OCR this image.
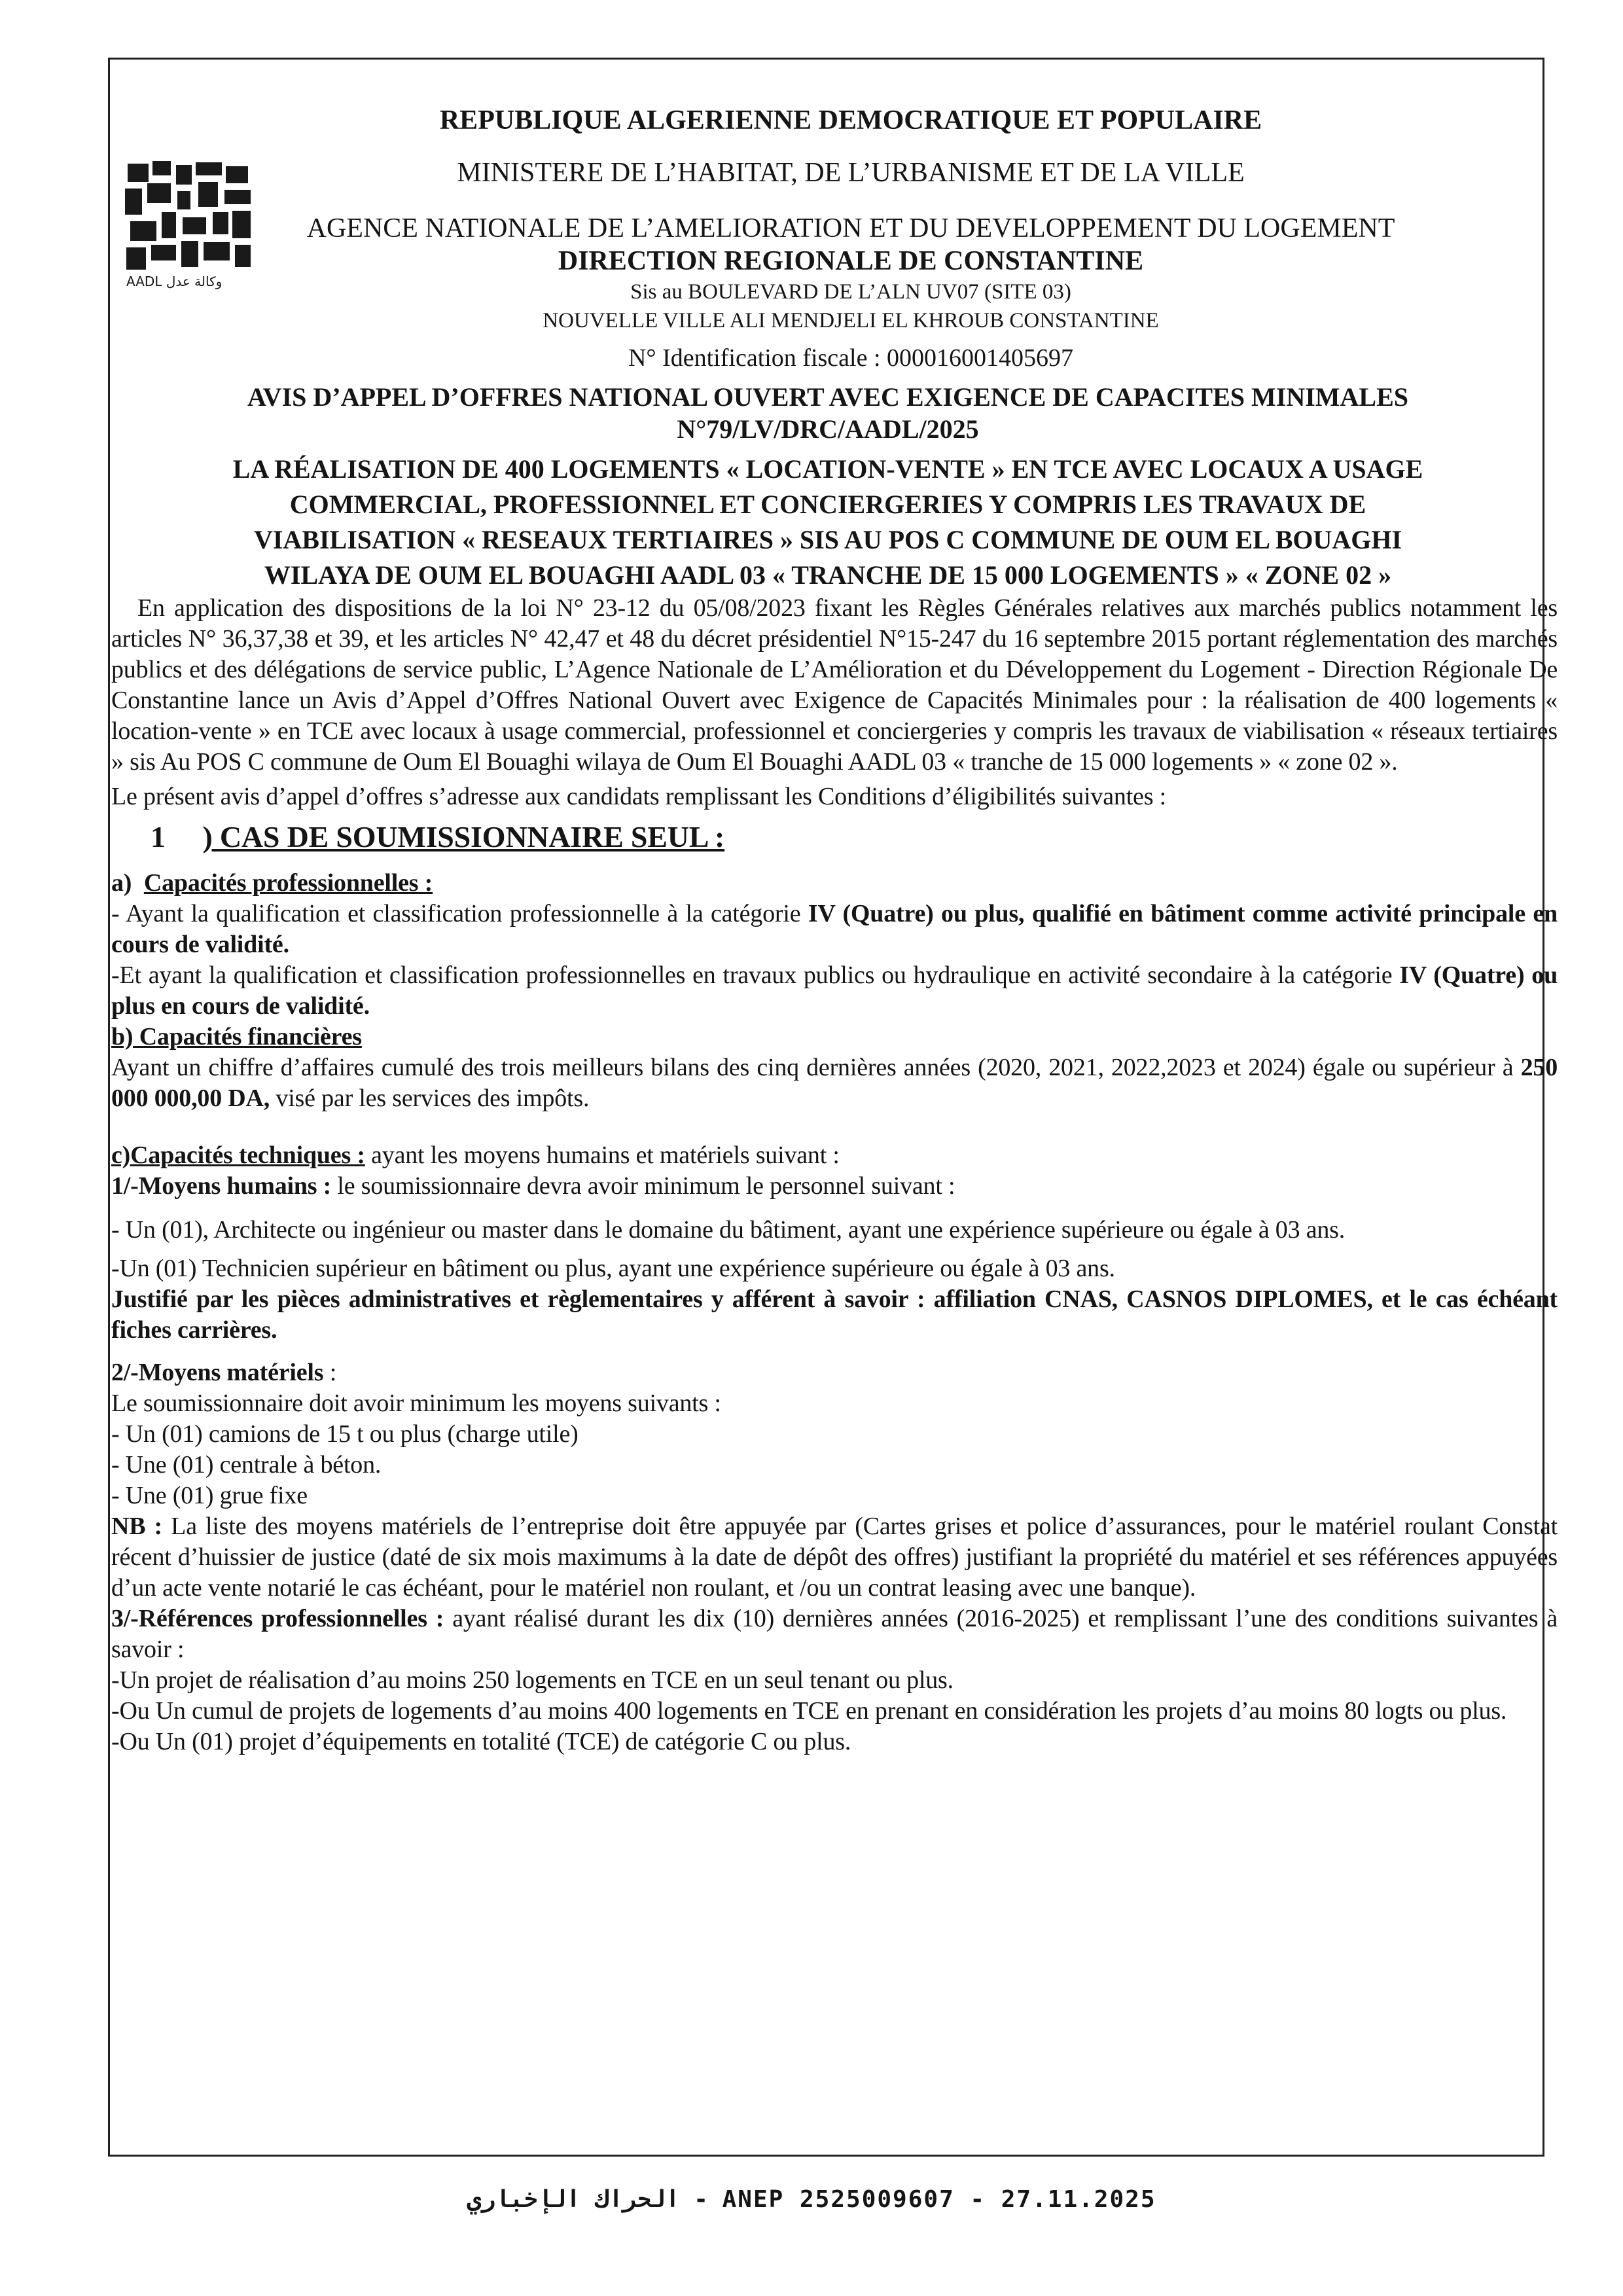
AADL وكالة عدل
REPUBLIQUE ALGERIENNE DEMOCRATIQUE ET POPULAIRE
MINISTERE DE L’HABITAT, DE L’URBANISME ET DE LA VILLE
AGENCE NATIONALE DE L’AMELIORATION ET DU DEVELOPPEMENT DU LOGEMENT
DIRECTION REGIONALE DE CONSTANTINE
Sis au BOULEVARD DE L’ALN UV07 (SITE 03)
NOUVELLE VILLE ALI MENDJELI EL KHROUB CONSTANTINE
N° Identification fiscale : 000016001405697
AVIS D’APPEL D’OFFRES NATIONAL OUVERT AVEC EXIGENCE DE CAPACITES MINIMALES
N°79/LV/DRC/AADL/2025
LA RÉALISATION DE 400 LOGEMENTS « LOCATION-VENTE » EN TCE AVEC LOCAUX A USAGE
COMMERCIAL, PROFESSIONNEL ET CONCIERGERIES Y COMPRIS LES TRAVAUX DE
VIABILISATION « RESEAUX TERTIAIRES » SIS AU POS C COMMUNE DE OUM EL BOUAGHI
WILAYA DE OUM EL BOUAGHI AADL 03 « TRANCHE DE 15 000 LOGEMENTS » « ZONE 02 »

En application des dispositions de la loi N° 23-12 du 05/08/2023 fixant les Règles Générales relatives aux marchés publics notamment les articles N° 36,37,38 et 39, et les articles N° 42,47 et 48 du décret présidentiel N°15-247 du 16 septembre 2015 portant réglementation des marchés publics et des délégations de service public, L’Agence Nationale de L’Amélioration et du Développement du Logement - Direction Régionale De Constantine lance un Avis d’Appel d’Offres National Ouvert avec Exigence de Capacités Minimales pour : la réalisation de 400 logements « location-vente » en TCE avec locaux à usage commercial, professionnel et conciergeries y compris les travaux de viabilisation « réseaux tertiaires » sis Au POS C commune de Oum El Bouaghi wilaya de Oum El Bouaghi AADL 03 « tranche de 15 000 logements » « zone 02 ».

Le présent avis d’appel d’offres s’adresse aux candidats remplissant les Conditions d’éligibilités suivantes :

1 ) CAS DE SOUMISSIONNAIRE SEUL :

a) Capacités professionnelles :

- Ayant la qualification et classification professionnelle à la catégorie IV (Quatre) ou plus, qualifié en bâtiment comme activité principale en cours de validité.

-Et ayant la qualification et classification professionnelles en travaux publics ou hydraulique en activité secondaire à la catégorie IV (Quatre) ou plus en cours de validité.

b) Capacités financières

Ayant un chiffre d’affaires cumulé des trois meilleurs bilans des cinq dernières années (2020, 2021, 2022,2023 et 2024) égale ou supérieur à 250 000 000,00 DA, visé par les services des impôts.

c)Capacités techniques : ayant les moyens humains et matériels suivant :

1/-Moyens humains : le soumissionnaire devra avoir minimum le personnel suivant :

- Un (01), Architecte ou ingénieur ou master dans le domaine du bâtiment, ayant une expérience supérieure ou égale à 03 ans.

-Un (01) Technicien supérieur en bâtiment ou plus, ayant une expérience supérieure ou égale à 03 ans.

Justifié par les pièces administratives et règlementaires y afférent à savoir : affiliation CNAS, CASNOS DIPLOMES, et le cas échéant fiches carrières.

2/-Moyens matériels :

Le soumissionnaire doit avoir minimum les moyens suivants :

- Un (01) camions de 15 t ou plus (charge utile)

- Une (01) centrale à béton.

- Une (01) grue fixe

NB : La liste des moyens matériels de l’entreprise doit être appuyée par (Cartes grises et police d’assurances, pour le matériel roulant Constat récent d’huissier de justice (daté de six mois maximums à la date de dépôt des offres) justifiant la propriété du matériel et ses références appuyées d’un acte vente notarié le cas échéant, pour le matériel non roulant, et /ou un contrat leasing avec une banque).

3/-Références professionnelles : ayant réalisé durant les dix (10) dernières années (2016-2025) et remplissant l’une des conditions suivantes à savoir :

-Un projet de réalisation d’au moins 250 logements en TCE en un seul tenant ou plus.

-Ou Un cumul de projets de logements d’au moins 400 logements en TCE en prenant en considération les projets d’au moins 80 logts ou plus.

-Ou Un (01) projet d’équipements en totalité (TCE) de catégorie C ou plus.

الحراك الإخباري - ANEP 2525009607 - 27.11.2025
